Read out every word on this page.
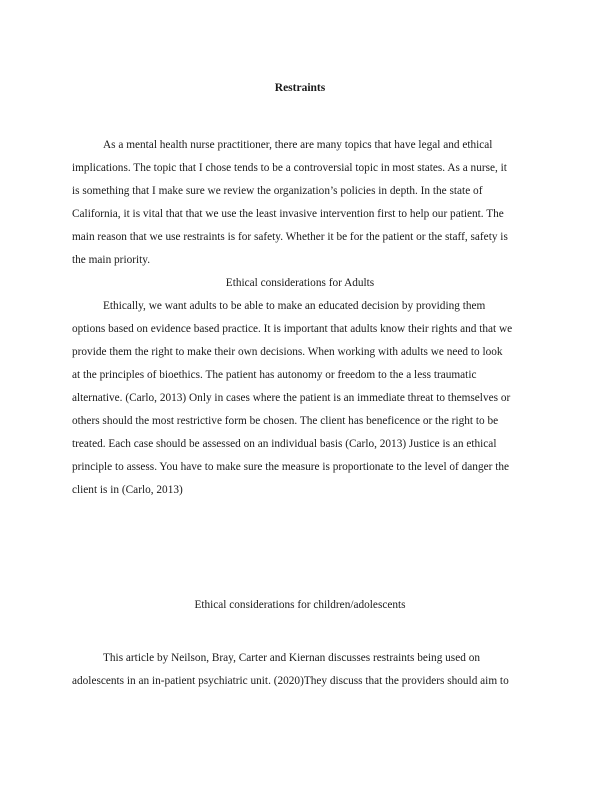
Restraints
As a mental health nurse practitioner, there are many topics that have legal and ethical
implications. The topic that I chose tends to be a controversial topic in most states. As a nurse, it
is something that I make sure we review the organization’s policies in depth. In the state of
California, it is vital that that we use the least invasive intervention first to help our patient. The
main reason that we use restraints is for safety. Whether it be for the patient or the staff, safety is
the main priority.
Ethical considerations for Adults
Ethically, we want adults to be able to make an educated decision by providing them
options based on evidence based practice. It is important that adults know their rights and that we
provide them the right to make their own decisions. When working with adults we need to look
at the principles of bioethics. The patient has autonomy or freedom to the a less traumatic
alternative. (Carlo, 2013) Only in cases where the patient is an immediate threat to themselves or
others should the most restrictive form be chosen. The client has beneficence or the right to be
treated. Each case should be assessed on an individual basis (Carlo, 2013) Justice is an ethical
principle to assess. You have to make sure the measure is proportionate to the level of danger the
client is in (Carlo, 2013)
Ethical considerations for children/adolescents
This article by Neilson, Bray, Carter and Kiernan discusses restraints being used on
adolescents in an in-patient psychiatric unit. (2020)They discuss that the providers should aim to
